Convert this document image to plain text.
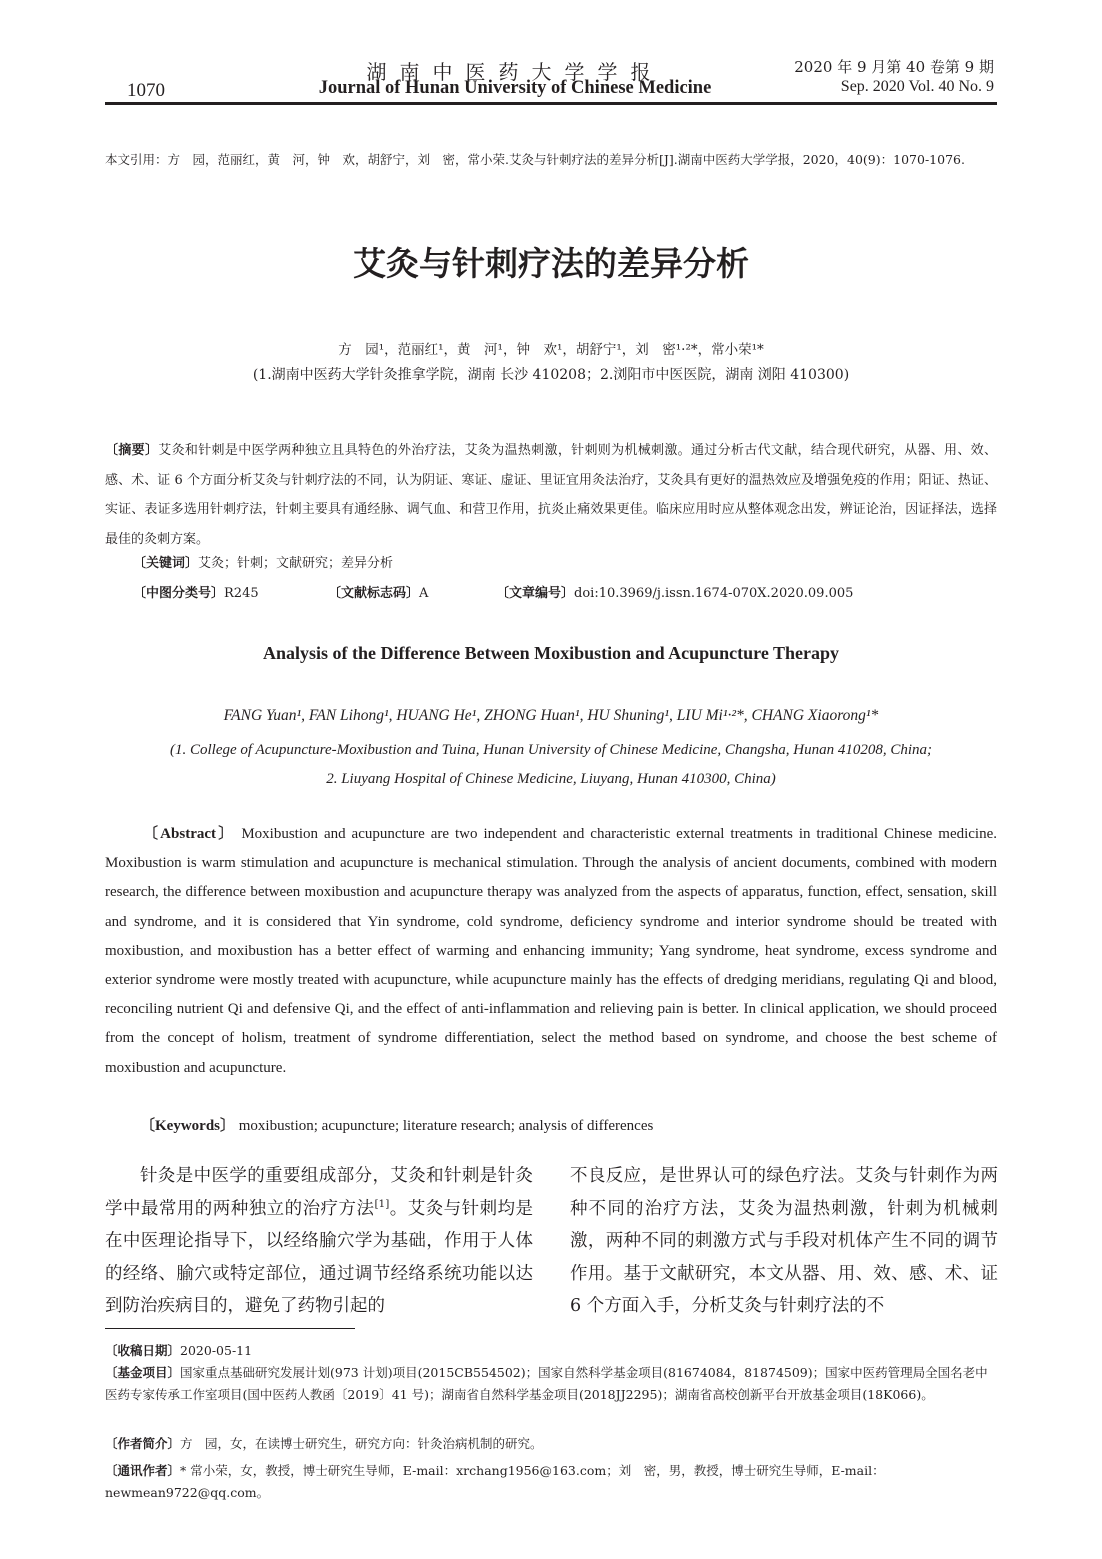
1070
湖南中医药大学学报
Journal of Hunan University of Chinese Medicine
2020 年 9 月第 40 卷第 9 期
Sep. 2020 Vol. 40 No. 9
本文引用：方　园，范丽红，黄　河，钟　欢，胡舒宁，刘　密，常小荣.艾灸与针刺疗法的差异分析[J].湖南中医药大学学报，2020，40(9)：1070-1076.
艾灸与针刺疗法的差异分析
方　园¹，范丽红¹，黄　河¹，钟　欢¹，胡舒宁¹，刘　密¹·²*，常小荣¹*
(1.湖南中医药大学针灸推拿学院，湖南 长沙 410208；2.浏阳市中医医院，湖南 浏阳 410300)
〔摘要〕艾灸和针刺是中医学两种独立且具特色的外治疗法，艾灸为温热刺激，针刺则为机械刺激。通过分析古代文献，结合现代研究，从器、用、效、感、术、证 6 个方面分析艾灸与针刺疗法的不同，认为阴证、寒证、虚证、里证宜用灸法治疗，艾灸具有更好的温热效应及增强免疫的作用；阳证、热证、实证、表证多选用针刺疗法，针刺主要具有通经脉、调气血、和营卫作用，抗炎止痛效果更佳。临床应用时应从整体观念出发，辨证论治，因证择法，选择最佳的灸刺方案。
〔关键词〕艾灸；针刺；文献研究；差异分析
〔中图分类号〕R245	〔文献标志码〕A	〔文章编号〕doi:10.3969/j.issn.1674-070X.2020.09.005
Analysis of the Difference Between Moxibustion and Acupuncture Therapy
FANG Yuan¹, FAN Lihong¹, HUANG He¹, ZHONG Huan¹, HU Shuning¹, LIU Mi¹·²*, CHANG Xiaorong¹*
(1. College of Acupuncture-Moxibustion and Tuina, Hunan University of Chinese Medicine, Changsha, Hunan 410208, China;
2. Liuyang Hospital of Chinese Medicine, Liuyang, Hunan 410300, China)
〔Abstract〕 Moxibustion and acupuncture are two independent and characteristic external treatments in traditional Chinese medicine. Moxibustion is warm stimulation and acupuncture is mechanical stimulation. Through the analysis of ancient documents, combined with modern research, the difference between moxibustion and acupuncture therapy was analyzed from the aspects of apparatus, function, effect, sensation, skill and syndrome, and it is considered that Yin syndrome, cold syndrome, deficiency syndrome and interior syndrome should be treated with moxibustion, and moxibustion has a better effect of warming and enhancing immunity; Yang syndrome, heat syndrome, excess syndrome and exterior syndrome were mostly treated with acupuncture, while acupuncture mainly has the effects of dredging meridians, regulating Qi and blood, reconciling nutrient Qi and defensive Qi, and the effect of anti-inflammation and relieving pain is better. In clinical application, we should proceed from the concept of holism, treatment of syndrome differentiation, select the method based on syndrome, and choose the best scheme of moxibustion and acupuncture.
〔Keywords〕 moxibustion; acupuncture; literature research; analysis of differences
针灸是中医学的重要组成部分，艾灸和针刺是针灸学中最常用的两种独立的治疗方法[1]。艾灸与针刺均是在中医理论指导下，以经络腧穴学为基础，作用于人体的经络、腧穴或特定部位，通过调节经络系统功能以达到防治疾病目的，避免了药物引起的
不良反应，是世界认可的绿色疗法。艾灸与针刺作为两种不同的治疗方法，艾灸为温热刺激，针刺为机械刺激，两种不同的刺激方式与手段对机体产生不同的调节作用。基于文献研究，本文从器、用、效、感、术、证 6 个方面入手，分析艾灸与针刺疗法的不
〔收稿日期〕2020-05-11
〔基金项目〕国家重点基础研究发展计划(973 计划)项目(2015CB554502)；国家自然科学基金项目(81674084，81874509)；国家中医药管理局全国名老中医药专家传承工作室项目(国中医药人教函〔2019〕41 号)；湖南省自然科学基金项目(2018JJ2295)；湖南省高校创新平台开放基金项目(18K066)。
〔作者简介〕方　园，女，在读博士研究生，研究方向：针灸治病机制的研究。
〔通讯作者〕* 常小荣，女，教授，博士研究生导师，E-mail：xrchang1956@163.com；刘　密，男，教授，博士研究生导师，E-mail：newmean9722@qq.com。
